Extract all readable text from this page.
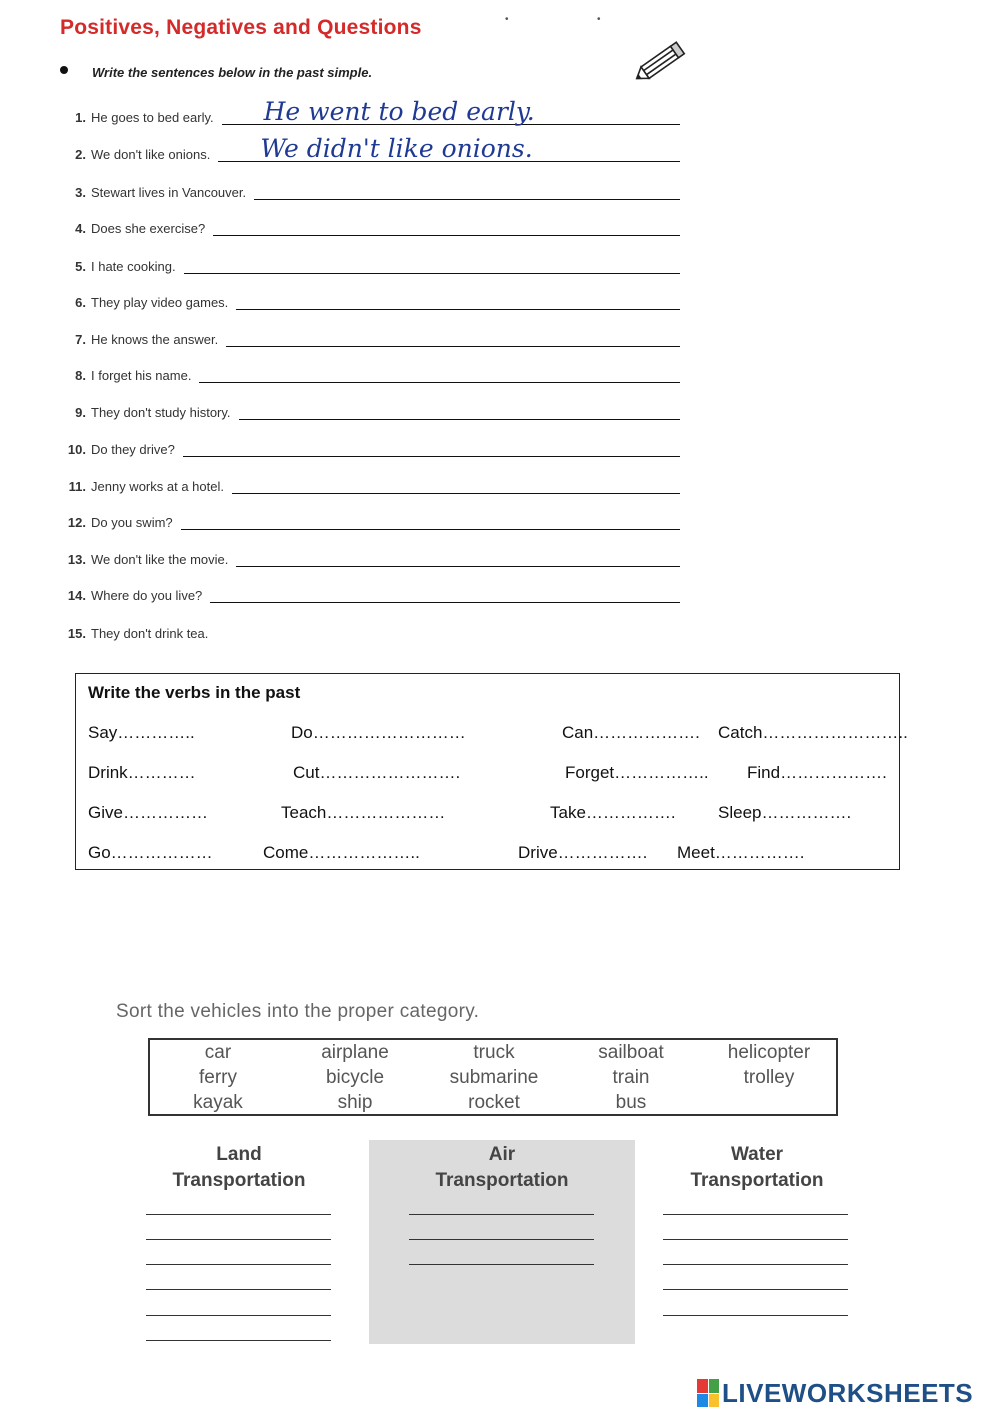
Positives, Negatives and Questions	•	•
Write the sentences below in the past simple.
1. He goes to bed early. He went to bed early.
2. We don't like onions. We didn't like onions.
3. Stewart lives in Vancouver.
4. Does she exercise?
5. I hate cooking.
6. They play video games.
7. He knows the answer.
8. I forget his name.
9. They don't study history.
10. Do they drive?
11. Jenny works at a hotel.
12. Do you swim?
13. We don't like the movie.
14. Where do you live?
15. They don't drink tea.
Write the verbs in the past
Say…………..	Do………………………	Can………………. Catch……………………..
Drink…………	Cut…………………….	Forget…………….. Find……………….
Give……………	Teach…………………	Take……………. Sleep…………….
Go………………	Come………………..	Drive……………. Meet…………….
Sort the vehicles into the proper category.
car	airplane	truck	sailboat	helicopter
ferry	bicycle	submarine	train	trolley
kayak	ship	rocket	bus
Land
Transportation
Air
Transportation
Water
Transportation
LIVEWORKSHEETS
